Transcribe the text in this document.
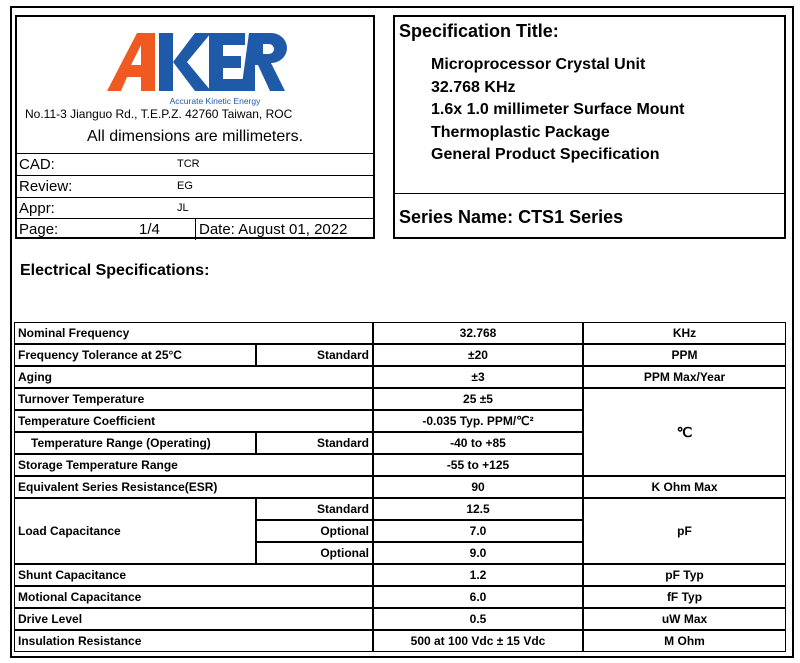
Accurate Kinetic Energy
No.11-3 Jianguo Rd., T.E.P.Z. 42760 Taiwan, ROC
All dimensions are millimeters.
CAD:	TCR
Review:	EG
Appr:	JL
Page:	1/4	Date: August 01, 2022
Specification Title:
Microprocessor Crystal Unit
32.768 KHz
1.6x 1.0 millimeter Surface Mount
Thermoplastic Package
General Product Specification
Series Name: CTS1 Series
Electrical Specifications:
Nominal Frequency	32.768	KHz
Frequency Tolerance at 25°C	Standard	±20	PPM
Aging	±3	PPM Max/Year
Turnover Temperature	25 ±5
Temperature Coefficient	-0.035 Typ. PPM/℃²
Temperature Range (Operating)	Standard	-40 to +85
Storage Temperature Range	-55 to +125
℃
Equivalent Series Resistance(ESR)	90	K Ohm Max
Load Capacitance
Standard	12.5
Optional	7.0
Optional	9.0
pF
Shunt Capacitance	1.2	pF Typ
Motional Capacitance	6.0	fF Typ
Drive Level	0.5	uW Max
Insulation Resistance	500 at 100 Vdc ± 15 Vdc	M Ohm
